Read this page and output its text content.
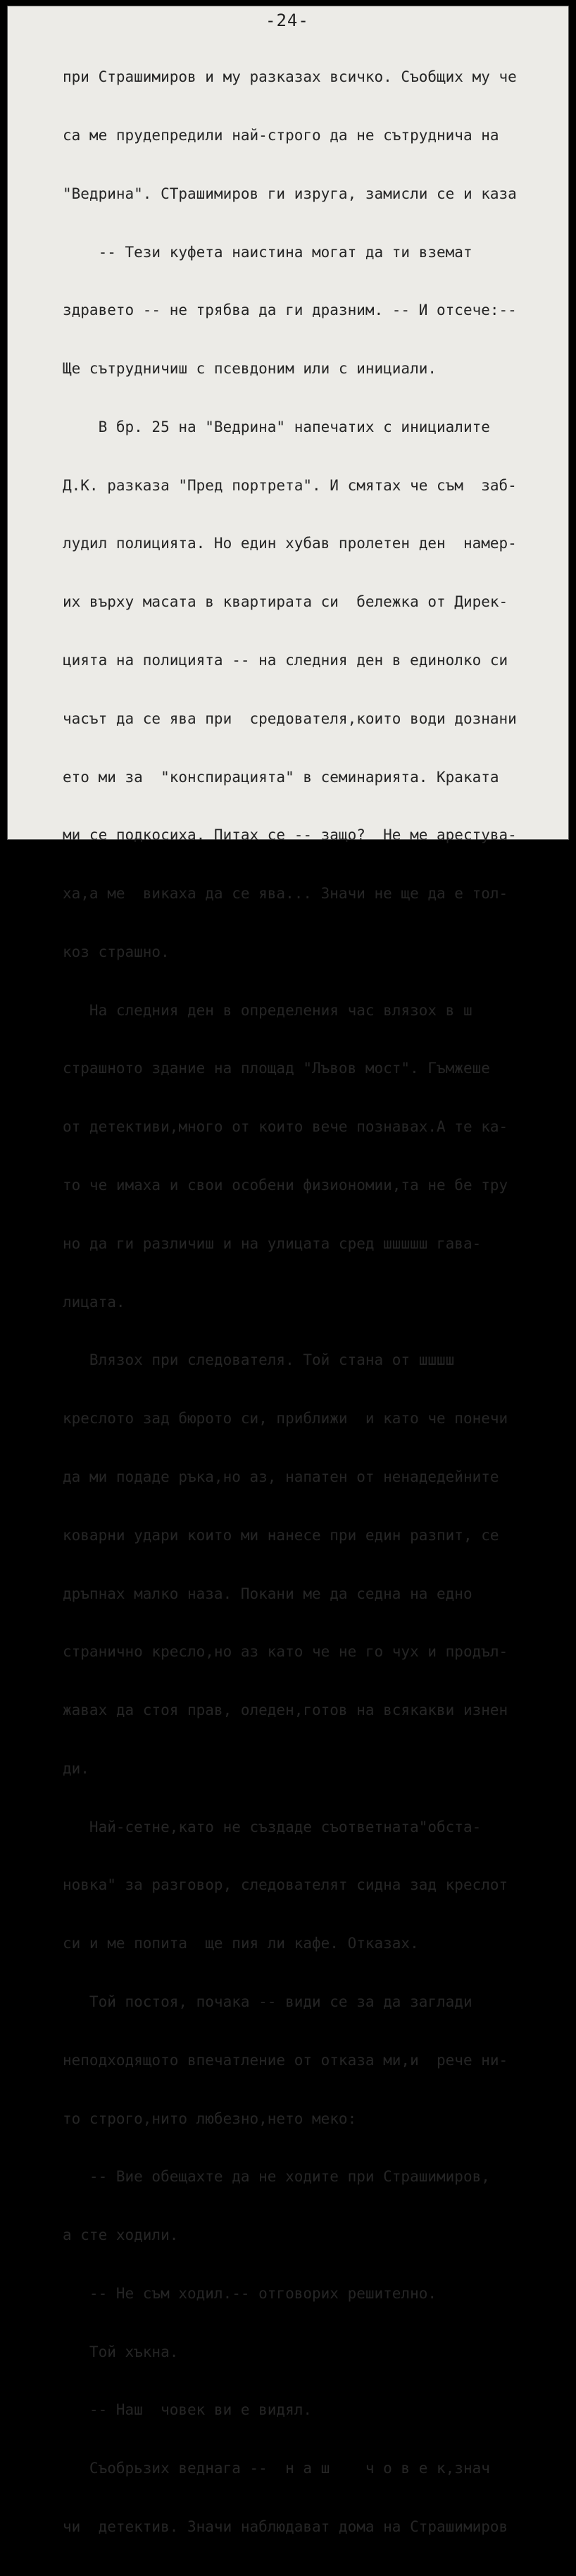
-24-

при Страшимиров и му разказах всичко. Съобщих му че

са ме прудепредили най-строго да не сътруднича на

"Ведрина". СТрашимиров ги изруга, замисли се и каза

-- Тези куфета наистина могат да ти вземат

здравето -- не трябва да ги дразним. -- И отсече:--

Ще сътрудничиш с псевдоним или с инициали.

В бр. 25 на "Ведрина" напечатих с инициалите

Д.К. разказа "Пред портрета". И смятах че съм  заб-

лудил полицията. Но един хубав пролетен ден  намер-

их върху масата в квартирата си  бележка от Дирек-

цията на полицията -- на следния ден в единолко си

часът да се ява при  средователя,които води дознани

ето ми за  "конспирацията" в семинарията. Краката

ми се подкосиха. Питах се -- защо?  Не ме арестува-

ха,а ме  викаха да се ява... Значи не ще да е тол-

коз страшно.

На следния ден в определения час влязох в ш

страшното здание на площад "Лъвов мост". Гъмжеше

от детективи,много от които вече познавах.А те ка-

то че имаха и свои особени физиономии,та не бе тру

но да ги различиш и на улицата сред шшшшш гава-

лицата.

Влязох при следователя. Той стана от шшшш

креслото зад бюрото си, приближи  и като че понечи

да ми подаде ръка,но аз, напатен от ненадедейните

коварни удари които ми нанесе при един разпит, се

дръпнах малко наза. Покани ме да седна на едно

странично кресло,но аз като че не го чух и продъл-

жавах да стоя прав, оледен,готов на всякакви изнен

ди.

Най-сетне,като не създаде съответната"обста-

новка" за разговор, следователят сидна зад креслот

си и ме попита  ще пия ли кафе. Отказах.

Той постоя, почака -- види се за да заглади

неподходящото впечатление от отказа ми,и  рече ни-

то строго,нито любезно,нето меко:

-- Вие обещахте да не ходите при Страшимиров,

а сте ходили.

-- Не съм ходил.-- отговорих решително.

Той хъкна.

-- Наш  човек ви е видял.

Съобрьзих веднага --  н а ш    ч о в е к,знач

чи  детектив. Значи наблюдават дома на Страшимиров
